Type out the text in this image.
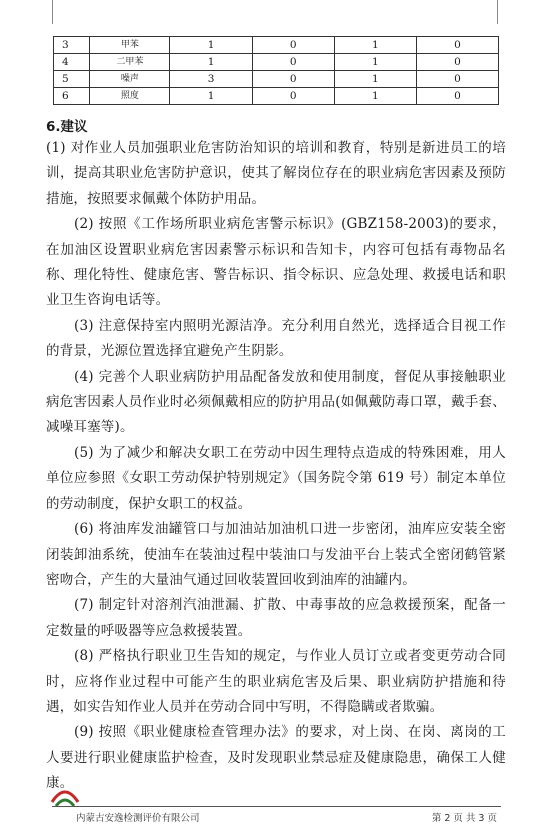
3	甲苯	1	0	1	0
4	二甲苯	1	0	1	0
5	噪声	3	0	1	0
6	照度	1	0	1	0
6.建议

(1) 对作业人员加强职业危害防治知识的培训和教育，特别是新进员工的培训，提高其职业危害防护意识，使其了解岗位存在的职业病危害因素及预防措施，按照要求佩戴个体防护用品。

(2) 按照《工作场所职业病危害警示标识》(GBZ158-2003)的要求，在加油区设置职业病危害因素警示标识和告知卡，内容可包括有毒物品名称、理化特性、健康危害、警告标识、指令标识、应急处理、救援电话和职业卫生咨询电话等。

(3) 注意保持室内照明光源洁净。充分利用自然光，选择适合目视工作的背景，光源位置选择宜避免产生阴影。

(4) 完善个人职业病防护用品配备发放和使用制度，督促从事接触职业病危害因素人员作业时必须佩戴相应的防护用品(如佩戴防毒口罩，戴手套、减噪耳塞等)。

(5) 为了减少和解决女职工在劳动中因生理特点造成的特殊困难，用人单位应参照《女职工劳动保护特别规定》（国务院令第 619 号）制定本单位的劳动制度，保护女职工的权益。

(6) 将油库发油罐管口与加油站加油机口进一步密闭，油库应安装全密闭装卸油系统，使油车在装油过程中装油口与发油平台上装式全密闭鹤管紧密吻合，产生的大量油气通过回收装置回收到油库的油罐内。

(7) 制定针对溶剂汽油泄漏、扩散、中毒事故的应急救援预案，配备一定数量的呼吸器等应急救援装置。

(8) 严格执行职业卫生告知的规定，与作业人员订立或者变更劳动合同时，应将作业过程中可能产生的职业病危害及后果、职业病防护措施和待遇，如实告知作业人员并在劳动合同中写明，不得隐瞒或者欺骗。

(9) 按照《职业健康检查管理办法》的要求，对上岗、在岗、离岗的工人要进行职业健康监护检查，及时发现职业禁忌症及健康隐患，确保工人健康。

内蒙古安逸检测评价有限公司	第 2 页 共 3 页
